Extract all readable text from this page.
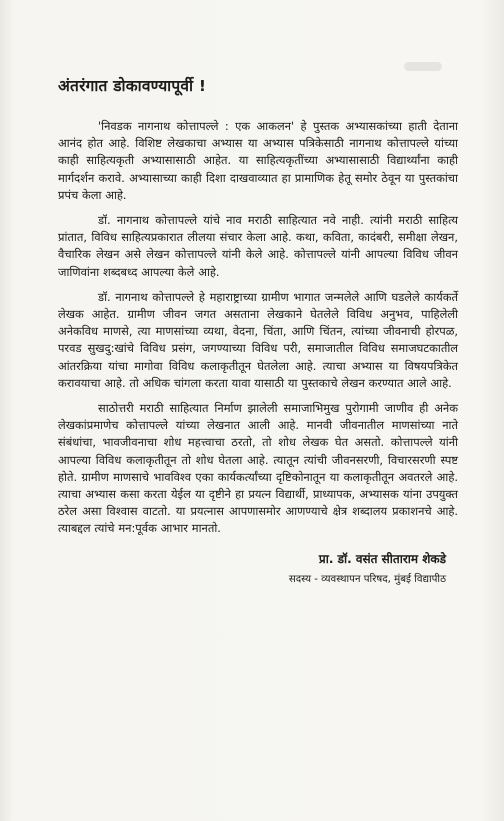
अंतरंगात डोकावण्यापूर्वी !

'निवडक नागनाथ कोत्तापल्ले : एक आकलन' हे पुस्तक अभ्यासकांच्या हाती देताना आनंद होत आहे. विशिष्ट लेखकाचा अभ्यास या अभ्यास पत्रिकेसाठी नागनाथ कोत्तापल्ले यांच्या काही साहित्यकृती अभ्यासासाठी आहेत. या साहित्यकृतींच्या अभ्यासासाठी विद्यार्थ्यांना काही मार्गदर्शन करावे. अभ्यासाच्या काही दिशा दाखवाव्यात हा प्रामाणिक हेतू समोर ठेवून या पुस्तकांचा प्रपंच केला आहे.

डॉ. नागनाथ कोत्तापल्ले यांचे नाव मराठी साहित्यात नवे नाही. त्यांनी मराठी साहित्य प्रांतात, विविध साहित्यप्रकारात लीलया संचार केला आहे. कथा, कविता, कादंबरी, समीक्षा लेखन, वैचारिक लेखन असे लेखन कोत्तापल्ले यांनी केले आहे. कोत्तापल्ले यांनी आपल्या विविध जीवन जाणिवांना शब्दबध्द आपल्या केले आहे.

डॉ. नागनाथ कोत्तापल्ले हे महाराष्ट्राच्या ग्रामीण भागात जन्मलेले आणि घडलेले कार्यकर्ते लेखक आहेत. ग्रामीण जीवन जगत असताना लेखकाने घेतलेले विविध अनुभव, पाहिलेली अनेकविध माणसे, त्या माणसांच्या व्यथा, वेदना, चिंता, आणि चिंतन, त्यांच्या जीवनाची होरपळ, परवड सुखदु:खांचे विविध प्रसंग, जगण्याच्या विविध परी, समाजातील विविध समाजघटकातील आंतरक्रिया यांचा मागोवा विविध कलाकृतीतून घेतलेला आहे. त्याचा अभ्यास या विषयपत्रिकेत करावयाचा आहे. तो अधिक चांगला करता यावा यासाठी या पुस्तकाचे लेखन करण्यात आले आहे.

साठोत्तरी मराठी साहित्यात निर्माण झालेली समाजाभिमुख पुरोगामी जाणीव ही अनेक लेखकांप्रमाणेच कोत्तापल्ले यांच्या लेखनात आली आहे. मानवी जीवनातील माणसांच्या नाते संबंधांचा, भावजीवनाचा शोध महत्त्वाचा ठरतो, तो शोध लेखक घेत असतो. कोत्तापल्ले यांनी आपल्या विविध कलाकृतीतून तो शोध घेतला आहे. त्यातून त्यांची जीवनसरणी, विचारसरणी स्पष्ट होते. ग्रामीण माणसाचे भावविश्व एका कार्यकर्त्यांच्या दृष्टिकोनातून या कलाकृतीतून अवतरले आहे. त्याचा अभ्यास कसा करता येईल या दृष्टीने हा प्रयत्न विद्यार्थी, प्राध्यापक, अभ्यासक यांना उपयुक्त ठरेल असा विश्वास वाटतो. या प्रयत्नास आपणासमोर आणण्याचे क्षेत्र शब्दालय प्रकाशनचे आहे. त्याबद्दल त्यांचे मन:पूर्वक आभार मानतो.

प्रा. डॉ. वसंत सीताराम शेकडे
सदस्य - व्यवस्थापन परिषद, मुंबई विद्यापीठ
